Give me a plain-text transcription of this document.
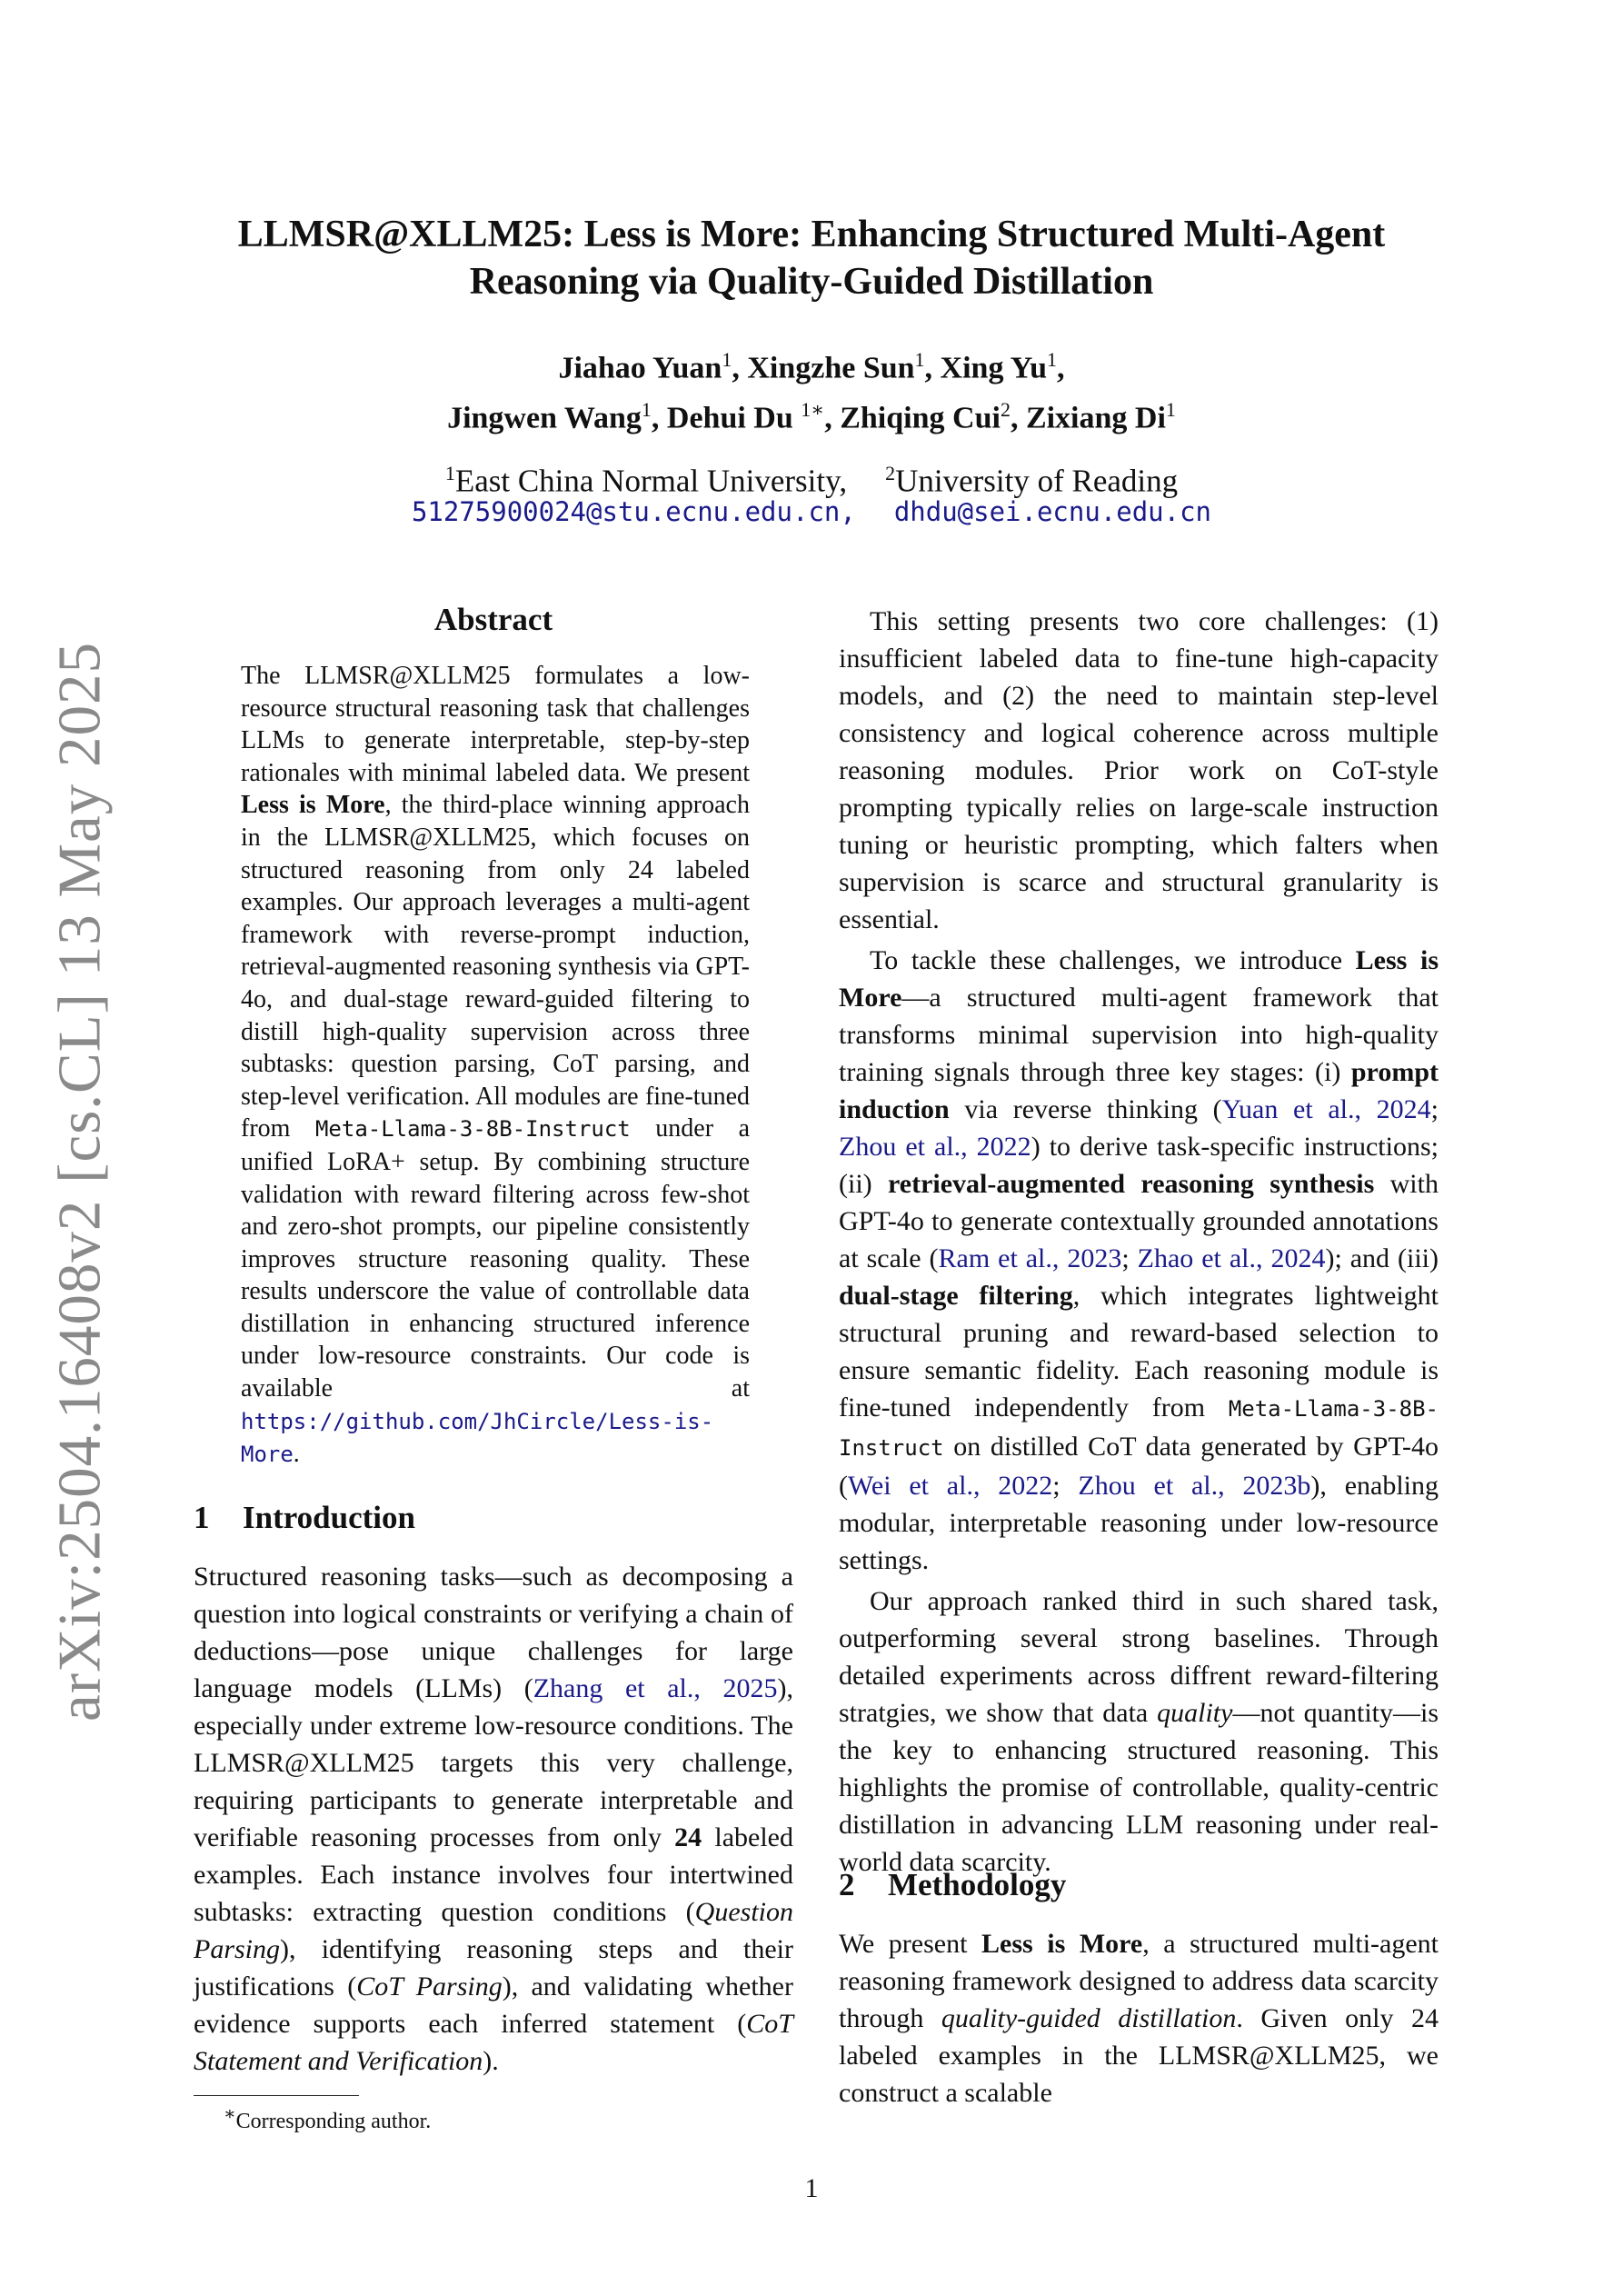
arXiv:2504.16408v2 [cs.CL] 13 May 2025
LLMSR@XLLM25: Less is More: Enhancing Structured Multi-Agent
Reasoning via Quality-Guided Distillation
Jiahao Yuan$^1$, Xingzhe Sun$^1$, Xing Yu$^1$,
Jingwen Wang$^1$, Dehui Du $^{1∗}$, Zhiqing Cui$^2$, Zixiang Di$^1$
$^1$East China Normal University, $^2$University of Reading
51275900024@stu.ecnu.edu.cn, dhdu@sei.ecnu.edu.cn
Abstract
The LLMSR@XLLM25 formulates a low-resource structural reasoning task that challenges LLMs to generate interpretable, step-by-step rationales with minimal labeled data. We present Less is More, the third-place winning approach in the LLMSR@XLLM25, which focuses on structured reasoning from only 24 labeled examples. Our approach leverages a multi-agent framework with reverse-prompt induction, retrieval-augmented reasoning synthesis via GPT-4o, and dual-stage reward-guided filtering to distill high-quality supervision across three subtasks: question parsing, CoT parsing, and step-level verification. All modules are fine-tuned from Meta-Llama-3-8B-Instruct under a unified LoRA+ setup. By combining structure validation with reward filtering across few-shot and zero-shot prompts, our pipeline consistently improves structure reasoning quality. These results underscore the value of controllable data distillation in enhancing structured inference under low-resource constraints. Our code is available at https://github.com/JhCircle/Less-is-More.
1 Introduction

Structured reasoning tasks—such as decomposing a question into logical constraints or verifying a chain of deductions—pose unique challenges for large language models (LLMs) (Zhang et al., 2025), especially under extreme low-resource conditions. The LLMSR@XLLM25 targets this very challenge, requiring participants to generate interpretable and verifiable reasoning processes from only 24 labeled examples. Each instance involves four intertwined subtasks: extracting question conditions (Question Parsing), identifying reasoning steps and their justifications (CoT Parsing), and validating whether evidence supports each inferred statement (CoT Statement and Verification).

∗Corresponding author.

This setting presents two core challenges: (1) insufficient labeled data to fine-tune high-capacity models, and (2) the need to maintain step-level consistency and logical coherence across multiple reasoning modules. Prior work on CoT-style prompting typically relies on large-scale instruction tuning or heuristic prompting, which falters when supervision is scarce and structural granularity is essential.

To tackle these challenges, we introduce Less is More—a structured multi-agent framework that transforms minimal supervision into high-quality training signals through three key stages: (i) prompt induction via reverse thinking (Yuan et al., 2024; Zhou et al., 2022) to derive task-specific instructions; (ii) retrieval-augmented reasoning synthesis with GPT-4o to generate contextually grounded annotations at scale (Ram et al., 2023; Zhao et al., 2024); and (iii) dual-stage filtering, which integrates lightweight structural pruning and reward-based selection to ensure semantic fidelity. Each reasoning module is fine-tuned independently from Meta-Llama-3-8B-Instruct on distilled CoT data generated by GPT-4o (Wei et al., 2022; Zhou et al., 2023b), enabling modular, interpretable reasoning under low-resource settings.

Our approach ranked third in such shared task, outperforming several strong baselines. Through detailed experiments across diffrent reward-filtering stratgies, we show that data quality—not quantity—is the key to enhancing structured reasoning. This highlights the promise of controllable, quality-centric distillation in advancing LLM reasoning under real-world data scarcity.

2 Methodology

We present Less is More, a structured multi-agent reasoning framework designed to address data scarcity through quality-guided distillation. Given only 24 labeled examples in the LLMSR@XLLM25, we construct a scalable

1
